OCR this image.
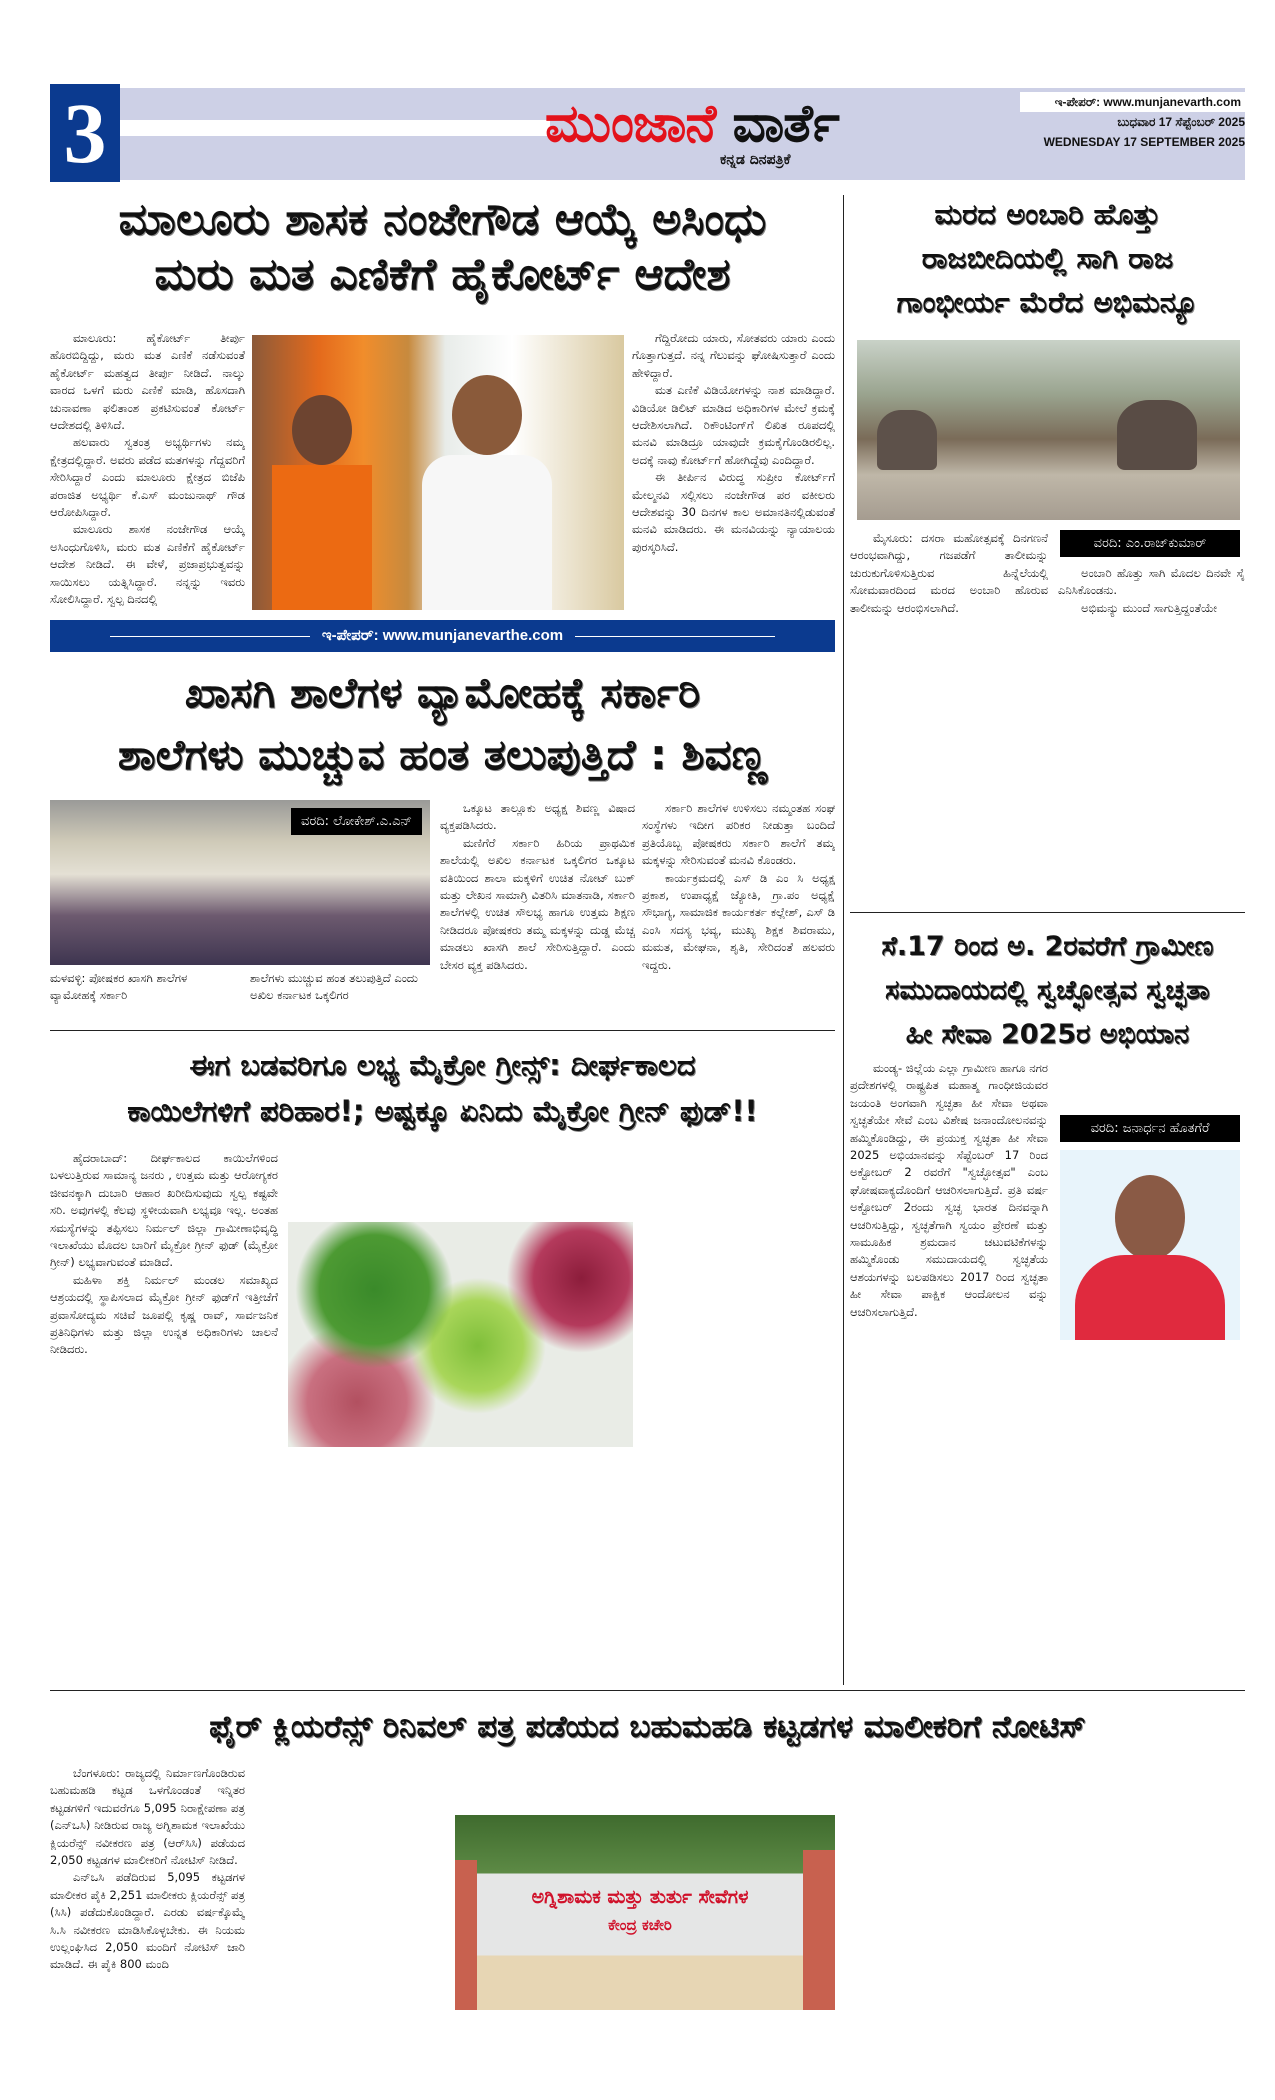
3	ಮುಂಜಾನೆ ವಾರ್ತೆ
ಕನ್ನಡ ದಿನಪತ್ರಿಕೆ
ಇ-ಪೇಪರ್: www.munjanevarth.com
ಬುಧವಾರ 17 ಸೆಪ್ಟೆಂಬರ್ 2025
WEDNESDAY 17 SEPTEMBER 2025
ಮಾಲೂರು ಶಾಸಕ ನಂಜೇಗೌಡ ಆಯ್ಕೆ ಅಸಿಂಧು
ಮರು ಮತ ಎಣಿಕೆಗೆ ಹೈಕೋರ್ಟ್ ಆದೇಶ

ಮಾಲೂರು: ಹೈಕೋರ್ಟ್ ತೀರ್ಪು ಹೊರಬಿದ್ದಿದ್ದು, ಮರು ಮತ ಎಣಿಕೆ ನಡೆಸುವಂತೆ ಹೈಕೋರ್ಟ್ ಮಹತ್ವದ ತೀರ್ಪು ನೀಡಿದೆ. ನಾಲ್ಕು ವಾರದ ಒಳಗೆ ಮರು ಎಣಿಕೆ ಮಾಡಿ, ಹೊಸದಾಗಿ ಚುನಾವಣಾ ಫಲಿತಾಂಶ ಪ್ರಕಟಿಸುವಂತೆ ಕೋರ್ಟ್ ಆದೇಶದಲ್ಲಿ ತಿಳಿಸಿದೆ.

ಹಲವಾರು ಸ್ವತಂತ್ರ ಅಭ್ಯರ್ಥಿಗಳು ನಮ್ಮ ಕ್ಷೇತ್ರದಲ್ಲಿದ್ದಾರೆ. ಅವರು ಪಡೆದ ಮತಗಳನ್ನು ಗೆದ್ದವರಿಗೆ ಸೇರಿಸಿದ್ದಾರೆ ಎಂದು ಮಾಲೂರು ಕ್ಷೇತ್ರದ ಬಿಜೆಪಿ ಪರಾಜಿತ ಅಭ್ಯರ್ಥಿ ಕೆ.ಎಸ್ ಮಂಜುನಾಥ್ ಗೌಡ ಆರೋಪಿಸಿದ್ದಾರೆ.

ಮಾಲೂರು ಶಾಸಕ ನಂಜೇಗೌಡ ಆಯ್ಕೆ ಅಸಿಂಧುಗೊಳಿಸಿ, ಮರು ಮತ ಎಣಿಕೆಗೆ ಹೈಕೋರ್ಟ್ ಆದೇಶ ನೀಡಿದೆ. ಈ ವೇಳೆ, ಪ್ರಜಾಪ್ರಭುತ್ವವನ್ನು ಸಾಯಿಸಲು ಯತ್ನಿಸಿದ್ದಾರೆ. ನನ್ನನ್ನು ಇವರು ಸೋಲಿಸಿದ್ದಾರೆ. ಸ್ವಲ್ಪ ದಿನದಲ್ಲಿ

ಗೆದ್ದಿರೋದು ಯಾರು, ಸೋತವರು ಯಾರು ಎಂದು ಗೊತ್ತಾಗುತ್ತದೆ. ನನ್ನ ಗೆಲುವನ್ನು ಘೋಷಿಸುತ್ತಾರೆ ಎಂದು ಹೇಳಿದ್ದಾರೆ.

ಮತ ಎಣಿಕೆ ವಿಡಿಯೋಗಳನ್ನು ನಾಶ ಮಾಡಿದ್ದಾರೆ. ವಿಡಿಯೋ ಡಿಲಿಟ್ ಮಾಡಿದ ಅಧಿಕಾರಿಗಳ ಮೇಲೆ ಕ್ರಮಕ್ಕೆ ಆದೇಶಿಸಲಾಗಿದೆ. ರಿಕೌಂಟಿಂಗ್‌ಗೆ ಲಿಖಿತ ರೂಪದಲ್ಲಿ ಮನವಿ ಮಾಡಿದ್ರೂ ಯಾವುದೇ ಕ್ರಮಕೈಗೊಂಡಿರಲಿಲ್ಲ. ಅದಕ್ಕೆ ನಾವು ಕೋರ್ಟ್‌ಗೆ ಹೋಗಿದ್ದೆವು ಎಂದಿದ್ದಾರೆ.

ಈ ತೀರ್ಪಿನ ವಿರುದ್ಧ ಸುಪ್ರೀಂ ಕೋರ್ಟ್‌ಗೆ ಮೇಲ್ಮನವಿ ಸಲ್ಲಿಸಲು ನಂಜೇಗೌಡ ಪರ ವಕೀಲರು ಆದೇಶವನ್ನು 30 ದಿನಗಳ ಕಾಲ ಅಮಾನತಿನಲ್ಲಿಡುವಂತೆ ಮನವಿ ಮಾಡಿದರು. ಈ ಮನವಿಯನ್ನು ನ್ಯಾಯಾಲಯ ಪುರಸ್ಕರಿಸಿದೆ.

ಇ-ಪೇಪರ್: www.munjanevarthe.com
ಖಾಸಗಿ ಶಾಲೆಗಳ ವ್ಯಾಮೋಹಕ್ಕೆ ಸರ್ಕಾರಿ
ಶಾಲೆಗಳು ಮುಚ್ಚುವ ಹಂತ ತಲುಪುತ್ತಿದೆ : ಶಿವಣ್ಣ
ವರದಿ: ಲೋಕೇಶ್.ಎ.ಎನ್
ಮಳವಳ್ಳಿ: ಪೋಷಕರ ಖಾಸಗಿ ಶಾಲೆಗಳ ವ್ಯಾಮೋಹಕ್ಕೆ ಸರ್ಕಾರಿ
ಶಾಲೆಗಳು ಮುಚ್ಚುವ ಹಂತ ತಲುಪುತ್ತಿದೆ ಎಂದು ಅಖಿಲ ಕರ್ನಾಟಕ ಒಕ್ಕಲಿಗರ

ಒಕ್ಕೂಟ ತಾಲ್ಲೂಕು ಅಧ್ಯಕ್ಷ ಶಿವಣ್ಣ ವಿಷಾದ ವ್ಯಕ್ತಪಡಿಸಿದರು.

ಮಣಿಗೆರೆ ಸರ್ಕಾರಿ ಹಿರಿಯ ಪ್ರಾಥಮಿಕ ಶಾಲೆಯಲ್ಲಿ ಅಖಿಲ ಕರ್ನಾಟಕ ಒಕ್ಕಲಿಗರ ಒಕ್ಕೂಟ ವತಿಯಿಂದ ಶಾಲಾ ಮಕ್ಕಳಿಗೆ ಉಚಿತ ನೋಟ್ ಬುಕ್ ಮತ್ತು ಲೇಖನ ಸಾಮಾಗ್ರಿ ವಿತರಿಸಿ ಮಾತನಾಡಿ, ಸರ್ಕಾರಿ ಶಾಲೆಗಳಲ್ಲಿ ಉಚಿತ ಸೌಲಭ್ಯ ಹಾಗೂ ಉತ್ತಮ ಶಿಕ್ಷಣ ನೀಡಿದರೂ ಪೋಷಕರು ತಮ್ಮ ಮಕ್ಕಳನ್ನು ದುಡ್ಡ ಮೆಚ್ಚ ಮಾಡಲು ಖಾಸಗಿ ಶಾಲೆ ಸೇರಿಸುತ್ತಿದ್ದಾರೆ. ಎಂದು ಬೇಸರ ವ್ಯಕ್ತ ಪಡಿಸಿದರು.

ಸರ್ಕಾರಿ ಶಾಲೆಗಳ ಉಳಿಸಲು ನಮ್ಮಂತಹ ಸಂಘ ಸಂಸ್ಥೆಗಳು ಇದೀಗ ಪರಿಕರ ನೀಡುತ್ತಾ ಬಂದಿದೆ ಪ್ರತಿಯೊಬ್ಬ ಪೋಷಕರು ಸರ್ಕಾರಿ ಶಾಲೆಗೆ ತಮ್ಮ ಮಕ್ಕಳನ್ನು ಸೇರಿಸುವಂತೆ ಮನವಿ ಕೊಂಡರು.

ಕಾರ್ಯಕ್ರಮದಲ್ಲಿ ಎಸ್ ಡಿ ಎಂ ಸಿ ಅಧ್ಯಕ್ಷ ಪ್ರಕಾಶ, ಉಪಾಧ್ಯಕ್ಷೆ ಜ್ಯೋತಿ, ಗ್ರಾ.ಪಂ ಅಧ್ಯಕ್ಷೆ ಸೌಭಾಗ್ಯ, ಸಾಮಾಜಿಕ ಕಾರ್ಯಕರ್ತ ಕಲ್ಲೇಶ್, ಎಸ್ ಡಿ ಎಂಸಿ ಸದಸ್ಯ ಭವ್ಯ, ಮುಖ್ಯ ಶಿಕ್ಷಕ ಶಿವರಾಮು, ಮಮತ, ಮೇಘನಾ, ಶೃತಿ, ಸೇರಿದಂತೆ ಹಲವರು ಇದ್ದರು.

ಈಗ ಬಡವರಿಗೂ ಲಭ್ಯ ಮೈಕ್ರೋ ಗ್ರೀನ್ಸ್: ದೀರ್ಘಕಾಲದ
ಕಾಯಿಲೆಗಳಿಗೆ ಪರಿಹಾರ!; ಅಷ್ಟಕ್ಕೂ ಏನಿದು ಮೈಕ್ರೋ ಗ್ರೀನ್ ಫುಡ್!!

ಹೈದರಾಬಾದ್: ದೀರ್ಘಕಾಲದ ಕಾಯಿಲೆಗಳಿಂದ ಬಳಲುತ್ತಿರುವ ಸಾಮಾನ್ಯ ಜನರು , ಉತ್ತಮ ಮತ್ತು ಆರೋಗ್ಯಕರ ಜೀವನಕ್ಕಾಗಿ ದುಬಾರಿ ಆಹಾರ ಖರೀದಿಸುವುದು ಸ್ವಲ್ಪ ಕಷ್ಟವೇ ಸರಿ. ಅವುಗಳಲ್ಲಿ ಕೆಲವು ಸ್ಥಳೀಯವಾಗಿ ಲಭ್ಯವೂ ಇಲ್ಲ. ಅಂತಹ ಸಮಸ್ಯೆಗಳನ್ನು ತಪ್ಪಿಸಲು ನಿರ್ಮಲ್ ಜಿಲ್ಲಾ ಗ್ರಾಮೀಣಾಭಿವೃದ್ಧಿ ಇಲಾಖೆಯು ಮೊದಲ ಬಾರಿಗೆ ಮೈಕ್ರೋ ಗ್ರೀನ್ ಫುಡ್ (ಮೈಕ್ರೋ ಗ್ರೀನ್) ಲಭ್ಯವಾಗುವಂತೆ ಮಾಡಿದೆ.

ಮಹಿಳಾ ಶಕ್ತಿ ನಿರ್ಮಲ್ ಮಂಡಲ ಸಮಾಖ್ಯದ ಆಶ್ರಯದಲ್ಲಿ ಸ್ಥಾಪಿಸಲಾದ ಮೈಕ್ರೋ ಗ್ರೀನ್ ಫುಡ್‌ಗೆ ಇತ್ತೀಚೆಗೆ ಪ್ರವಾಸೋದ್ಯಮ ಸಚಿವೆ ಜೂಪಲ್ಲಿ ಕೃಷ್ಣ ರಾವ್, ಸಾರ್ವಜನಿಕ ಪ್ರತಿನಿಧಿಗಳು ಮತ್ತು ಜಿಲ್ಲಾ ಉನ್ನತ ಅಧಿಕಾರಿಗಳು ಚಾಲನೆ ನೀಡಿದರು.

ಮರದ ಅಂಬಾರಿ ಹೊತ್ತು
ರಾಜಬೀದಿಯಲ್ಲಿ ಸಾಗಿ ರಾಜ
ಗಾಂಭೀರ್ಯ ಮೆರೆದ ಅಭಿಮನ್ಯೂ

ಮೈಸೂರು: ದಸರಾ ಮಹೋತ್ಸವಕ್ಕೆ ದಿನಗಣನೆ ಆರಂಭವಾಗಿದ್ದು, ಗಜಪಡೆಗೆ ತಾಲೀಮನ್ನು ಚುರುಕುಗೊಳಿಸುತ್ತಿರುವ ಹಿನ್ನೆಲೆಯಲ್ಲಿ ಸೋಮವಾರದಿಂದ ಮರದ ಅಂಬಾರಿ ಹೊರುವ ತಾಲೀಮನ್ನು ಆರಂಭಿಸಲಾಗಿದೆ.

ವರದಿ: ಎಂ.ರಾಜ್‌ಕುಮಾರ್

ಅಂಬಾರಿ ಹೊತ್ತು ಸಾಗಿ ಮೊದಲ ದಿನವೇ ಸೈ ಎನಿಸಿಕೊಂಡನು.

ಅಭಿಮನ್ಯು ಮುಂದೆ ಸಾಗುತ್ತಿದ್ದಂತೆಯೇ

ಸೆ.17 ರಿಂದ ಅ. 2ರವರೆಗೆ ಗ್ರಾಮೀಣ
ಸಮುದಾಯದಲ್ಲಿ ಸ್ವಚ್ಛೋತ್ಸವ ಸ್ವಚ್ಛತಾ
ಹೀ ಸೇವಾ 2025ರ ಅಭಿಯಾನ

ಮಂಡ್ಯ- ಜಿಲ್ಲೆಯ ಎಲ್ಲಾ ಗ್ರಾಮೀಣ ಹಾಗೂ ನಗರ ಪ್ರದೇಶಗಳಲ್ಲಿ ರಾಷ್ಟ್ರಪಿತ ಮಹಾತ್ಮ ಗಾಂಧೀಜಿಯವರ ಜಯಂತಿ ಅಂಗವಾಗಿ ಸ್ವಚ್ಛತಾ ಹೀ ಸೇವಾ ಅಥವಾ ಸ್ವಚ್ಛತೆಯೇ ಸೇವೆ ಎಂಬ ವಿಶೇಷ ಜನಾಂದೋಲನವನ್ನು ಹಮ್ಮಿಕೊಂಡಿದ್ದು, ಈ ಪ್ರಯುಕ್ತ ಸ್ವಚ್ಛತಾ ಹೀ ಸೇವಾ 2025 ಅಭಿಯಾನವನ್ನು ಸೆಪ್ಟೆಂಬರ್ 17 ರಿಂದ ಅಕ್ಟೋಬರ್ 2 ರವರೆಗೆ "ಸ್ವಚ್ಛೋತ್ಸವ" ಎಂಬ ಘೋಷವಾಕ್ಯದೊಂದಿಗೆ ಆಚರಿಸಲಾಗುತ್ತಿದೆ. ಪ್ರತಿ ವರ್ಷ ಅಕ್ಟೋಬರ್ 2ರಂದು ಸ್ವಚ್ಛ ಭಾರತ ದಿನವನ್ನಾಗಿ ಆಚರಿಸುತ್ತಿದ್ದು, ಸ್ವಚ್ಛತೆಗಾಗಿ ಸ್ವಯಂ ಪ್ರೇರಣೆ ಮತ್ತು ಸಾಮೂಹಿಕ ಶ್ರಮದಾನ ಚಟುವಟಿಕೆಗಳನ್ನು ಹಮ್ಮಿಕೊಂಡು ಸಮುದಾಯದಲ್ಲಿ ಸ್ವಚ್ಛತೆಯ ಆಶಯಗಳನ್ನು ಬಲಪಡಿಸಲು 2017 ರಿಂದ ಸ್ವಚ್ಛತಾ ಹೀ ಸೇವಾ ಪಾಕ್ಷಿಕ ಆಂದೋಲನ ವನ್ನು ಆಚರಿಸಲಾಗುತ್ತಿದೆ.

ವರದಿ: ಜನಾರ್ಧನ ಹೊತಗೆರೆ
ಫೈರ್ ಕ್ಲಿಯರೆನ್ಸ್ ರಿನಿವಲ್ ಪತ್ರ ಪಡೆಯದ ಬಹುಮಹಡಿ ಕಟ್ಟಡಗಳ ಮಾಲೀಕರಿಗೆ ನೋಟಿಸ್

ಬೆಂಗಳೂರು: ರಾಜ್ಯದಲ್ಲಿ ನಿರ್ಮಾಣಗೊಂಡಿರುವ ಬಹುಮಹಡಿ ಕಟ್ಟಡ ಒಳಗೊಂಡಂತೆ ಇನ್ನಿತರ ಕಟ್ಟಡಗಳಿಗೆ ಇದುವರೆಗೂ 5,095 ನಿರಾಕ್ಷೇಪಣಾ ಪತ್ರ (ಎನ್‌ಒಸಿ) ನೀಡಿರುವ ರಾಜ್ಯ ಅಗ್ನಿಶಾಮಕ ಇಲಾಖೆಯು ಕ್ಲಿಯರೆನ್ಸ್ ನವೀಕರಣ ಪತ್ರ (ಆರ್‌ಸಿಸಿ) ಪಡೆಯದ 2,050 ಕಟ್ಟಡಗಳ ಮಾಲೀಕರಿಗೆ ನೋಟಿಸ್ ನೀಡಿದೆ.

ಎನ್‌ಒಸಿ ಪಡೆದಿರುವ 5,095 ಕಟ್ಟಡಗಳ ಮಾಲೀಕರ ಪೈಕಿ 2,251 ಮಾಲೀಕರು ಕ್ಲಿಯರೆನ್ಸ್ ಪತ್ರ (ಸಿಸಿ) ಪಡೆದುಕೊಂಡಿದ್ದಾರೆ. ಎರಡು ವರ್ಷಕ್ಕೊಮ್ಮೆ ಸಿ.ಸಿ ನವೀಕರಣ ಮಾಡಿಸಿಕೊಳ್ಳಬೇಕು. ಈ ನಿಯಮ ಉಲ್ಲಂಘಿಸಿದ 2,050 ಮಂದಿಗೆ ನೋಟಿಸ್ ಜಾರಿ ಮಾಡಿದೆ. ಈ ಪೈಕಿ 800 ಮಂದಿ

ಅಗ್ನಿಶಾಮಕ ಮತ್ತು ತುರ್ತು ಸೇವೆಗಳ
ಕೇಂದ್ರ ಕಚೇರಿ
